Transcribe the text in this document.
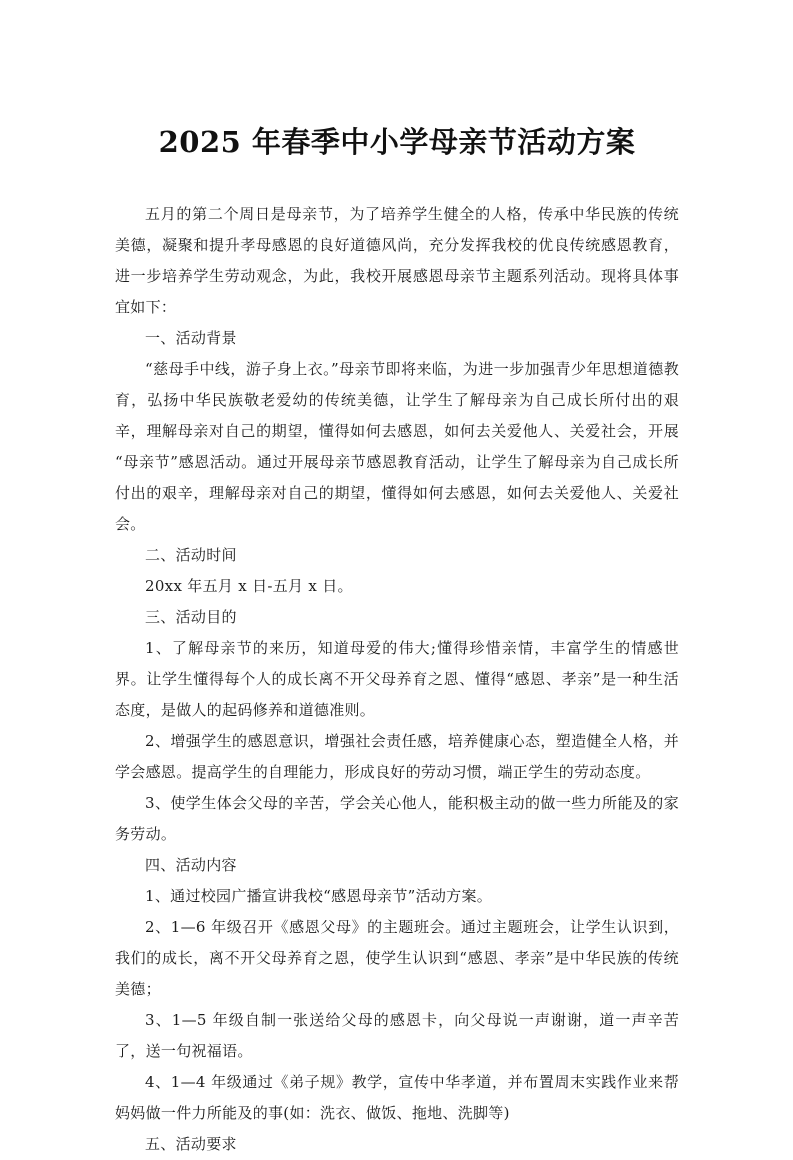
2025 年春季中小学母亲节活动方案

五月的第二个周日是母亲节，为了培养学生健全的人格，传承中华民族的传统美德，凝聚和提升孝母感恩的良好道德风尚，充分发挥我校的优良传统感恩教育，进一步培养学生劳动观念，为此，我校开展感恩母亲节主题系列活动。现将具体事宜如下：

一、活动背景

“慈母手中线，游子身上衣。”母亲节即将来临，为进一步加强青少年思想道德教育，弘扬中华民族敬老爱幼的传统美德，让学生了解母亲为自己成长所付出的艰辛，理解母亲对自己的期望，懂得如何去感恩，如何去关爱他人、关爱社会，开展“母亲节”感恩活动。通过开展母亲节感恩教育活动，让学生了解母亲为自己成长所付出的艰辛，理解母亲对自己的期望，懂得如何去感恩，如何去关爱他人、关爱社会。

二、活动时间

20xx 年五月 x 日-五月 x 日。

三、活动目的

1、了解母亲节的来历，知道母爱的伟大;懂得珍惜亲情，丰富学生的情感世界。让学生懂得每个人的成长离不开父母养育之恩、懂得“感恩、孝亲”是一种生活态度，是做人的起码修养和道德准则。

2、增强学生的感恩意识，增强社会责任感，培养健康心态，塑造健全人格，并学会感恩。提高学生的自理能力，形成良好的劳动习惯，端正学生的劳动态度。

3、使学生体会父母的辛苦，学会关心他人，能积极主动的做一些力所能及的家务劳动。

四、活动内容

1、通过校园广播宣讲我校“感恩母亲节”活动方案。

2、1—6 年级召开《感恩父母》的主题班会。通过主题班会，让学生认识到，我们的成长，离不开父母养育之恩，使学生认识到“感恩、孝亲”是中华民族的传统美德；

3、1—5 年级自制一张送给父母的感恩卡，向父母说一声谢谢，道一声辛苦了，送一句祝福语。

4、1—4 年级通过《弟子规》教学，宣传中华孝道，并布置周末实践作业来帮妈妈做一件力所能及的事(如：洗衣、做饭、拖地、洗脚等)

五、活动要求
